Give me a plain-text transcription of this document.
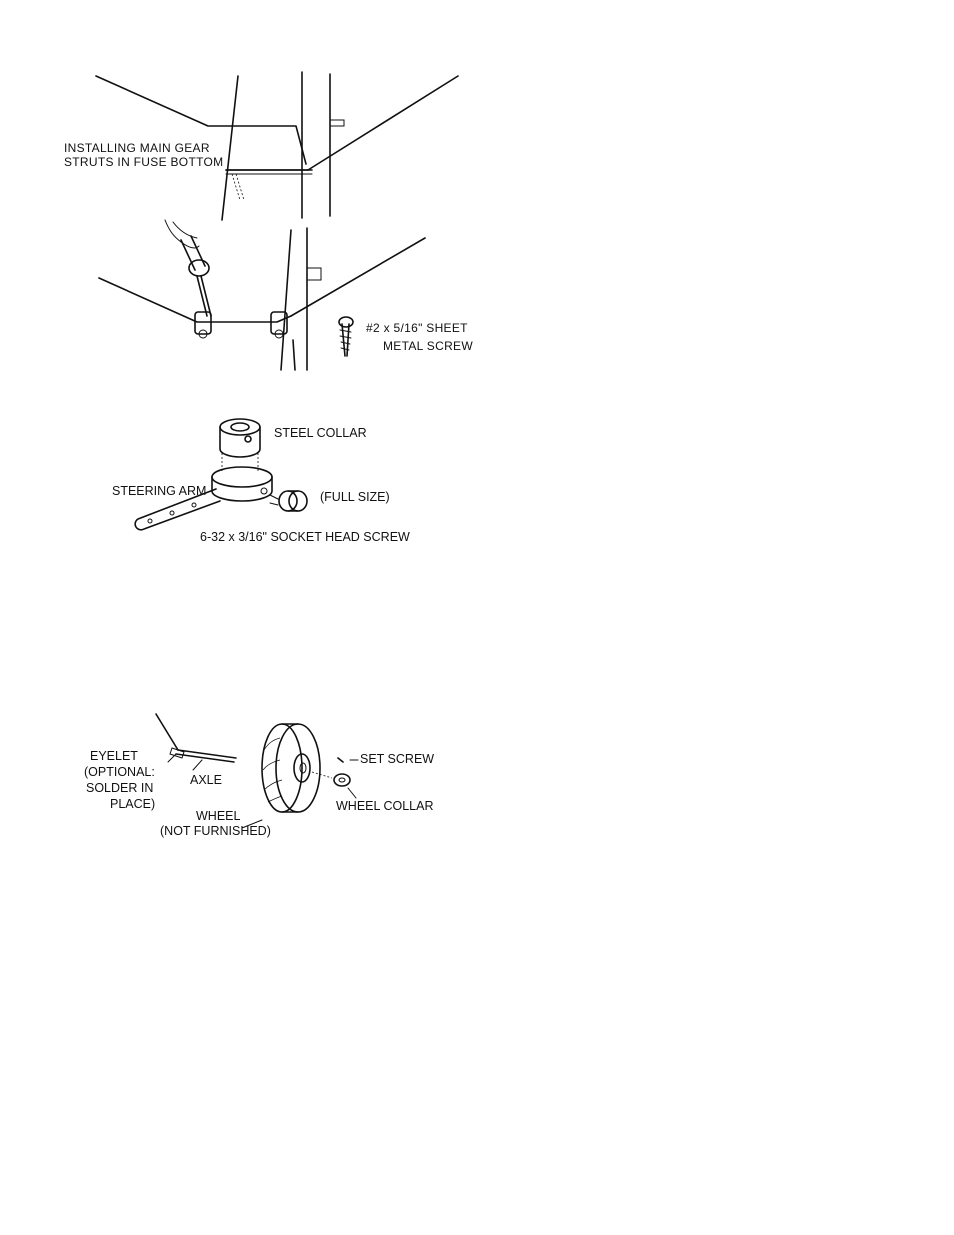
INSTALLING MAIN GEAR
STRUTS IN FUSE BOTTOM
#2 x 5/16" SHEET
METAL SCREW
STEEL COLLAR
STEERING ARM	(FULL SIZE)
6-32 x 3/16" SOCKET HEAD SCREW
EYELET
(OPTIONAL:
SOLDER IN
PLACE)
AXLE
WHEEL
(NOT FURNISHED)
SET SCREW
WHEEL COLLAR
